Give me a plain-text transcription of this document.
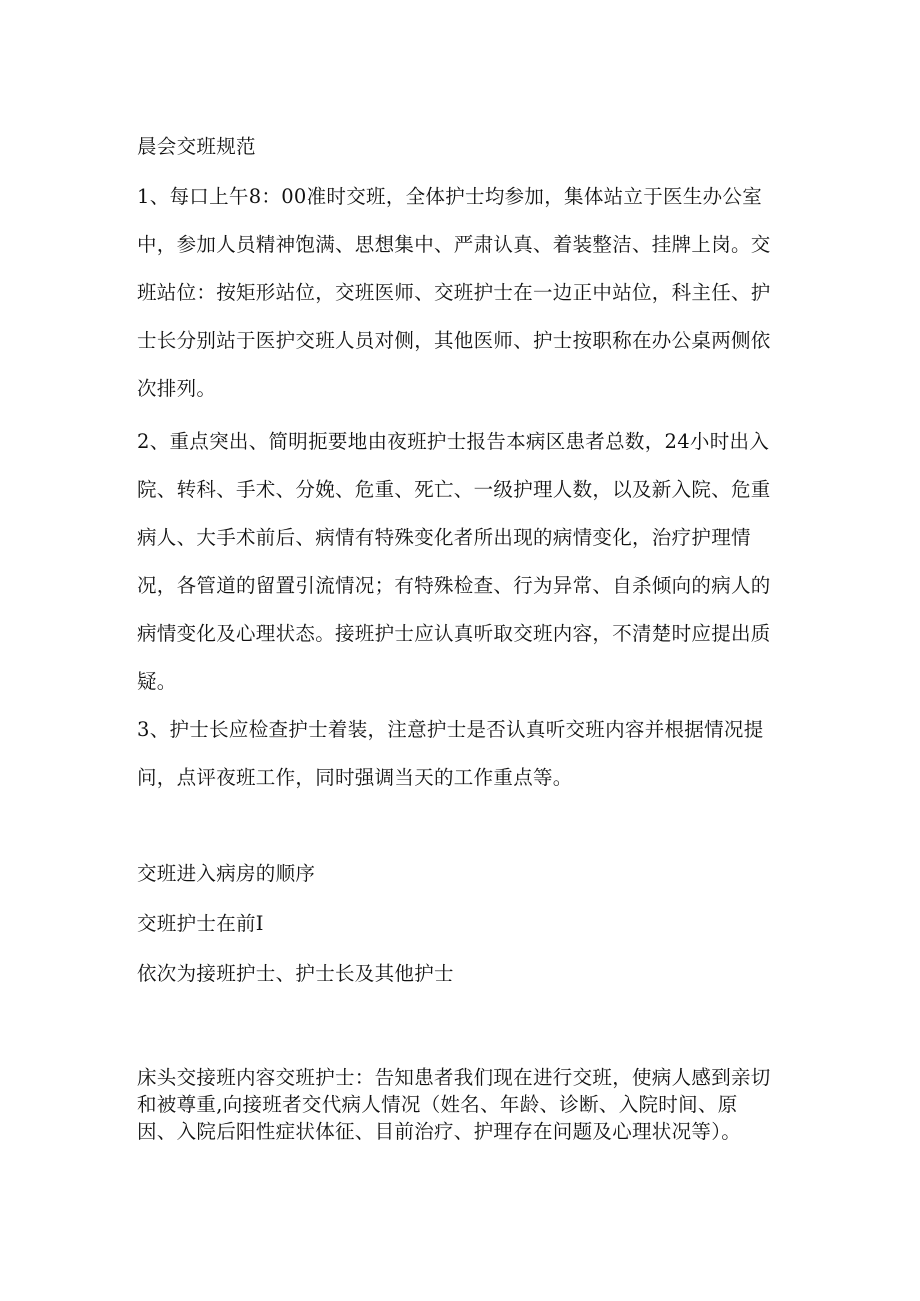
晨会交班规范
1、每口上午8：00准时交班，全体护士均参加，集体站立于医生办公室
中，参加人员精神饱满、思想集中、严肃认真、着装整洁、挂牌上岗。交
班站位：按矩形站位，交班医师、交班护士在一边正中站位，科主任、护
士长分别站于医护交班人员对侧，其他医师、护士按职称在办公桌两侧依
次排列。
2、重点突出、简明扼要地由夜班护士报告本病区患者总数，24小时出入
院、转科、手术、分娩、危重、死亡、一级护理人数，以及新入院、危重
病人、大手术前后、病情有特殊变化者所出现的病情变化，治疗护理情
况，各管道的留置引流情况；有特殊检查、行为异常、自杀倾向的病人的
病情变化及心理状态。接班护士应认真听取交班内容，不清楚时应提出质
疑。
3、护士长应检查护士着装，注意护士是否认真听交班内容并根据情况提
问，点评夜班工作，同时强调当天的工作重点等。
交班进入病房的顺序
交班护士在前I
依次为接班护士、护士长及其他护士
床头交接班内容交班护士：告知患者我们现在进行交班，使病人感到亲切
和被尊重,向接班者交代病人情况（姓名、年龄、诊断、入院时间、原
因、入院后阳性症状体征、目前治疗、护理存在问题及心理状况等）。
